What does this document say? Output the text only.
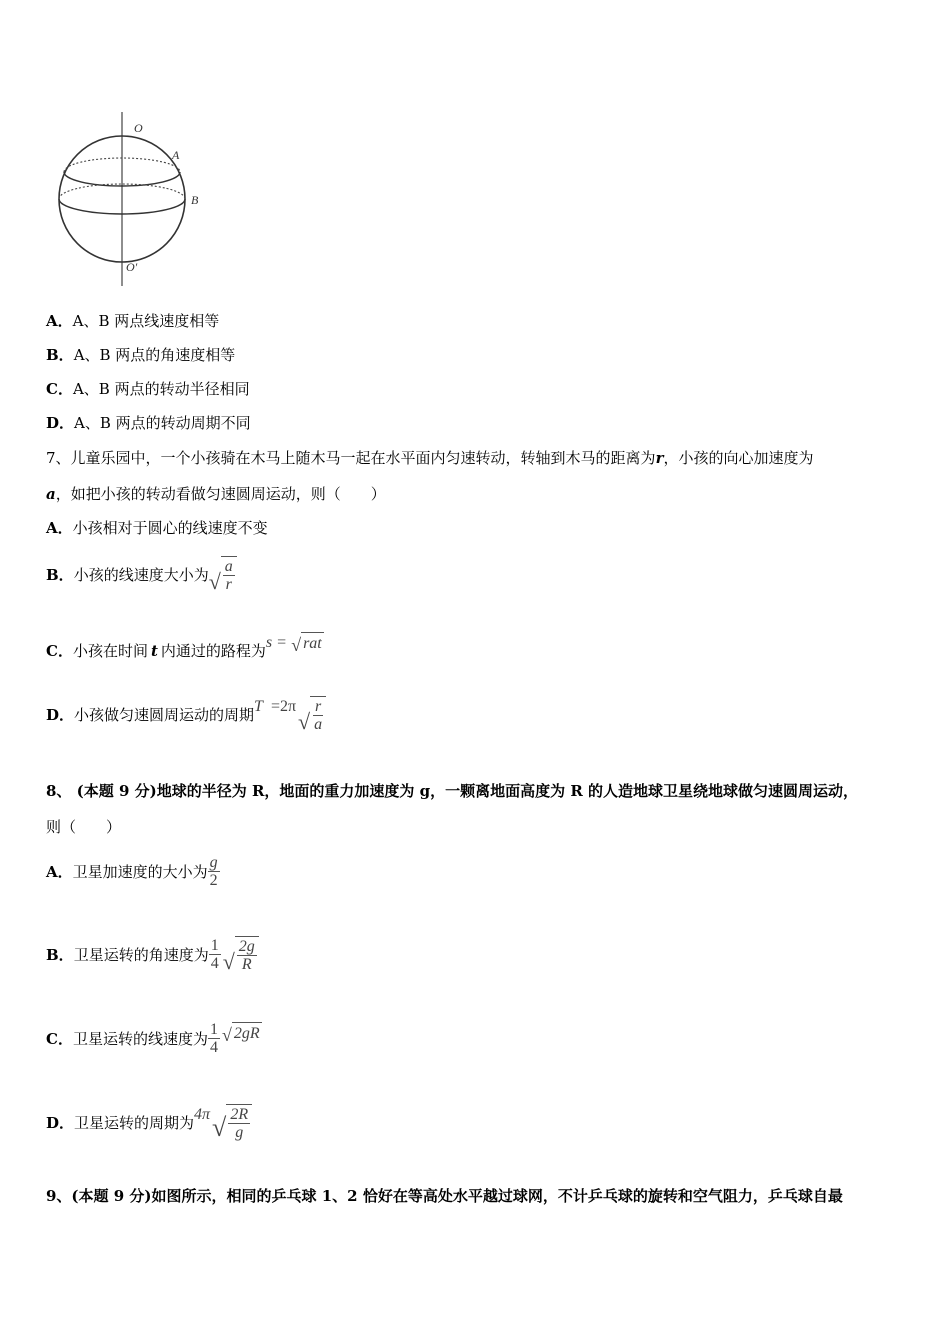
O
A
B
O′
A．A、B 两点线速度相等
B．A、B 两点的角速度相等
C．A、B 两点的转动半径相同
D．A、B 两点的转动周期不同
7、儿童乐园中，一个小孩骑在木马上随木马一起在水平面内匀速转动，转轴到木马的距离为r，小孩的向心加速度为
a，如把小孩的转动看做匀速圆周运动，则（　　）
A．小孩相对于圆心的线速度不变
B． 小孩的线速度大小为 √ $\frac{a}{r}$
C． 小孩在时间 t 内通过的路程为 s = √ rat
D． 小孩做匀速圆周运动的周期 T =2π
√ $\frac{r}{a}$
8、 (本题 9 分)地球的半径为 R，地面的重力加速度为 g，一颗离地面高度为 R 的人造地球卫星绕地球做匀速圆周运动，
则（　　）
A． 卫星加速度的大小为 $\frac{g}{2}$
B． 卫星运转的角速度为 $\frac{1}{4}$ √ $\frac{2g}{R}$
C． 卫星运转的线速度为 $\frac{1}{4}$ √ 2gR
D． 卫星运转的周期为 4π √ $\frac{2R}{g}$
9、(本题 9 分)如图所示，相同的乒乓球 1、2 恰好在等高处水平越过球网，不计乒乓球的旋转和空气阻力，乒乓球自最
